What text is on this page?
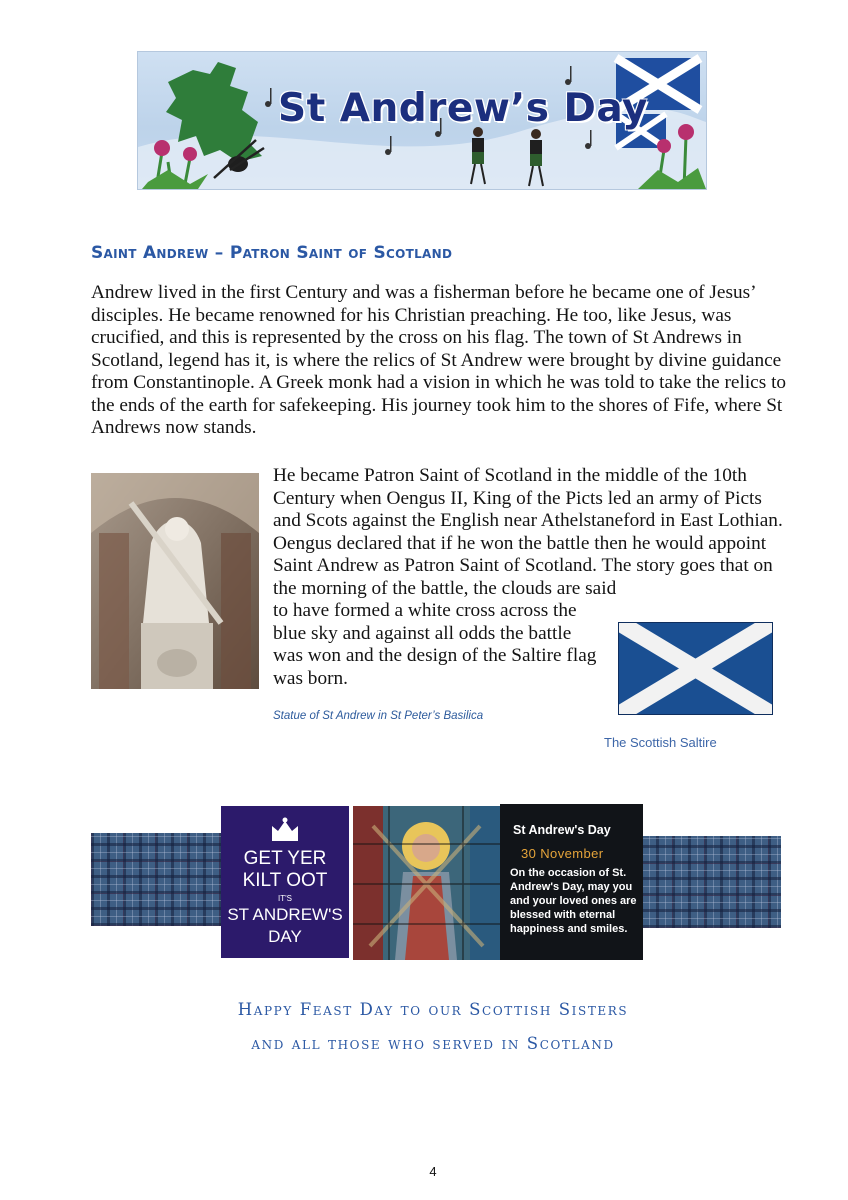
St Andrew’s Day
Saint Andrew – Patron Saint of Scotland
Andrew lived in the first Century and was a fisherman before he became one of Jesus’ disciples. He became renowned for his Christian preaching. He too, like Jesus, was crucified, and this is represented by the cross on his flag. The town of St Andrews in Scotland, legend has it, is where the relics of St Andrew were brought by divine guidance from Constantinople. A Greek monk had a vision in which he was told to take the relics to the ends of the earth for safekeeping. His journey took him to the shores of Fife, where St Andrews now stands.
He became Patron Saint of Scotland in the middle of the 10th Century when Oengus II, King of the Picts led an army of Picts and Scots against the English near Athelstaneford in East Lothian. Oengus declared that if he won the battle then he would appoint Saint Andrew as Patron Saint of Scotland. The story goes that on the morning of the battle, the clouds are said
to have formed a white cross across the blue sky and against all odds the battle was won and the design of the Saltire flag was born.
Statue of St Andrew in St Peter’s Basilica
The Scottish Saltire
GET YER
KILT OOT
IT'S
ST ANDREW'S
DAY
St Andrew's Day
30 November
On the occasion of St. Andrew's Day, may you and your loved ones are blessed with eternal happiness and smiles.
Happy Feast Day to our Scottish Sisters
and all those who served in Scotland
4
